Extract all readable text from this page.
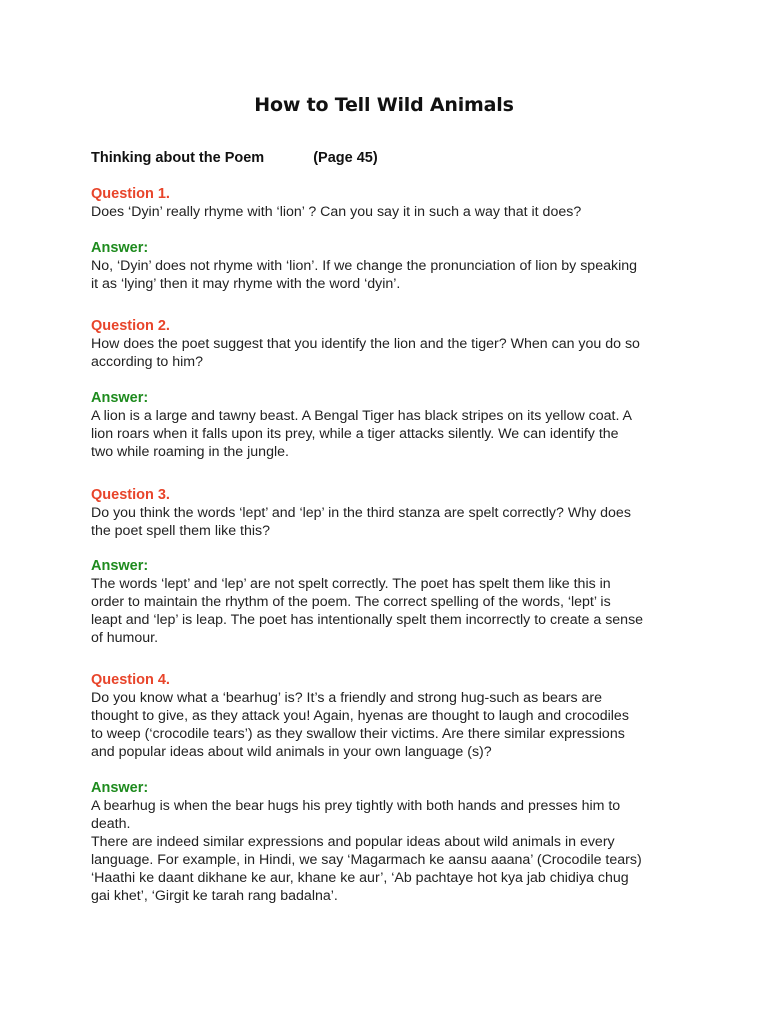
How to Tell Wild Animals
Thinking about the Poem	(Page 45)
Question 1.
Does ‘Dyin’ really rhyme with ‘lion’ ? Can you say it in such a way that it does?
Answer:
No, ‘Dyin’ does not rhyme with ‘lion’. If we change the pronunciation of lion by speaking
it as ‘lying’ then it may rhyme with the word ‘dyin’.
Question 2.
How does the poet suggest that you identify the lion and the tiger? When can you do so
according to him?
Answer:
A lion is a large and tawny beast. A Bengal Tiger has black stripes on its yellow coat. A
lion roars when it falls upon its prey, while a tiger attacks silently. We can identify the
two while roaming in the jungle.
Question 3.
Do you think the words ‘lept’ and ‘lep’ in the third stanza are spelt correctly? Why does
the poet spell them like this?
Answer:
The words ‘lept’ and ‘lep’ are not spelt correctly. The poet has spelt them like this in
order to maintain the rhythm of the poem. The correct spelling of the words, ‘lept’ is
leapt and ‘lep’ is leap. The poet has intentionally spelt them incorrectly to create a sense
of humour.
Question 4.
Do you know what a ‘bearhug’ is? It’s a friendly and strong hug-such as bears are
thought to give, as they attack you! Again, hyenas are thought to laugh and crocodiles
to weep (‘crocodile tears’) as they swallow their victims. Are there similar expressions
and popular ideas about wild animals in your own language (s)?
Answer:
A bearhug is when the bear hugs his prey tightly with both hands and presses him to
death.
There are indeed similar expressions and popular ideas about wild animals in every
language. For example, in Hindi, we say ‘Magarmach ke aansu aaana’ (Crocodile tears)
‘Haathi ke daant dikhane ke aur, khane ke aur’, ‘Ab pachtaye hot kya jab chidiya chug
gai khet’, ‘Girgit ke tarah rang badalna’.
